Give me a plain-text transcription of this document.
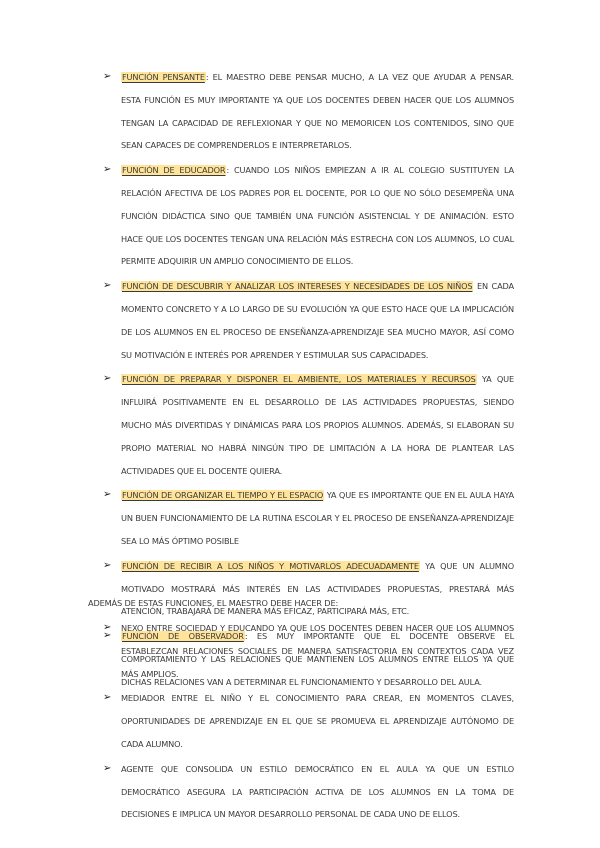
➢ FUNCIÓN PENSANTE: EL MAESTRO DEBE PENSAR MUCHO, A LA VEZ QUE AYUDAR A PENSAR. ESTA FUNCIÓN ES MUY IMPORTANTE YA QUE LOS DOCENTES DEBEN HACER QUE LOS ALUMNOS TENGAN LA CAPACIDAD DE REFLEXIONAR Y QUE NO MEMORICEN LOS CONTENIDOS, SINO QUE SEAN CAPACES DE COMPRENDERLOS E INTERPRETARLOS.
➢ FUNCIÓN DE EDUCADOR: CUANDO LOS NIÑOS EMPIEZAN A IR AL COLEGIO SUSTITUYEN LA RELACIÓN AFECTIVA DE LOS PADRES POR EL DOCENTE, POR LO QUE NO SÓLO DESEMPEÑA UNA FUNCIÓN DIDÁCTICA SINO QUE TAMBIÉN UNA FUNCIÓN ASISTENCIAL Y DE ANIMACIÓN. ESTO HACE QUE LOS DOCENTES TENGAN UNA RELACIÓN MÁS ESTRECHA CON LOS ALUMNOS, LO CUAL PERMITE ADQUIRIR UN AMPLIO CONOCIMIENTO DE ELLOS.
➢ FUNCIÓN DE DESCUBRIR Y ANALIZAR LOS INTERESES Y NECESIDADES DE LOS NIÑOS EN CADA MOMENTO CONCRETO Y A LO LARGO DE SU EVOLUCIÓN YA QUE ESTO HACE QUE LA IMPLICACIÓN DE LOS ALUMNOS EN EL PROCESO DE ENSEÑANZA-APRENDIZAJE SEA MUCHO MAYOR, ASÍ COMO SU MOTIVACIÓN E INTERÉS POR APRENDER Y ESTIMULAR SUS CAPACIDADES.
➢ FUNCIÓN DE PREPARAR Y DISPONER EL AMBIENTE, LOS MATERIALES Y RECURSOS YA QUE INFLUIRÁ POSITIVAMENTE EN EL DESARROLLO DE LAS ACTIVIDADES PROPUESTAS, SIENDO MUCHO MÁS DIVERTIDAS Y DINÁMICAS PARA LOS PROPIOS ALUMNOS. ADEMÁS, SI ELABORAN SU PROPIO MATERIAL NO HABRÁ NINGÚN TIPO DE LIMITACIÓN A LA HORA DE PLANTEAR LAS ACTIVIDADES QUE EL DOCENTE QUIERA.
➢ FUNCIÓN DE ORGANIZAR EL TIEMPO Y EL ESPACIO YA QUE ES IMPORTANTE QUE EN EL AULA HAYA UN BUEN FUNCIONAMIENTO DE LA RUTINA ESCOLAR Y EL PROCESO DE ENSEÑANZA-APRENDIZAJE SEA LO MÁS ÓPTIMO POSIBLE
➢ FUNCIÓN DE RECIBIR A LOS NIÑOS Y MOTIVARLOS ADECUADAMENTE YA QUE UN ALUMNO MOTIVADO MOSTRARÁ MÁS INTERÉS EN LAS ACTIVIDADES PROPUESTAS, PRESTARÁ MÁS ATENCIÓN, TRABAJARÁ DE MANERA MÁS EFICAZ, PARTICIPARÁ MÁS, ETC.
➢ FUNCIÓN DE OBSERVADOR: ES MUY IMPORTANTE QUE EL DOCENTE OBSERVE EL COMPORTAMIENTO Y LAS RELACIONES QUE MANTIENEN LOS ALUMNOS ENTRE ELLOS YA QUE DICHAS RELACIONES VAN A DETERMINAR EL FUNCIONAMIENTO Y DESARROLLO DEL AULA.
ADEMÁS DE ESTAS FUNCIONES, EL MAESTRO DEBE HACER DE:
➢ NEXO ENTRE SOCIEDAD Y EDUCANDO YA QUE LOS DOCENTES DEBEN HACER QUE LOS ALUMNOS ESTABLEZCAN RELACIONES SOCIALES DE MANERA SATISFACTORIA EN CONTEXTOS CADA VEZ MÁS AMPLIOS.
➢ MEDIADOR ENTRE EL NIÑO Y EL CONOCIMIENTO PARA CREAR, EN MOMENTOS CLAVES, OPORTUNIDADES DE APRENDIZAJE EN EL QUE SE PROMUEVA EL APRENDIZAJE AUTÓNOMO DE CADA ALUMNO.
➢ AGENTE QUE CONSOLIDA UN ESTILO DEMOCRÁTICO EN EL AULA YA QUE UN ESTILO DEMOCRÁTICO ASEGURA LA PARTICIPACIÓN ACTIVA DE LOS ALUMNOS EN LA TOMA DE DECISIONES E IMPLICA UN MAYOR DESARROLLO PERSONAL DE CADA UNO DE ELLOS.
